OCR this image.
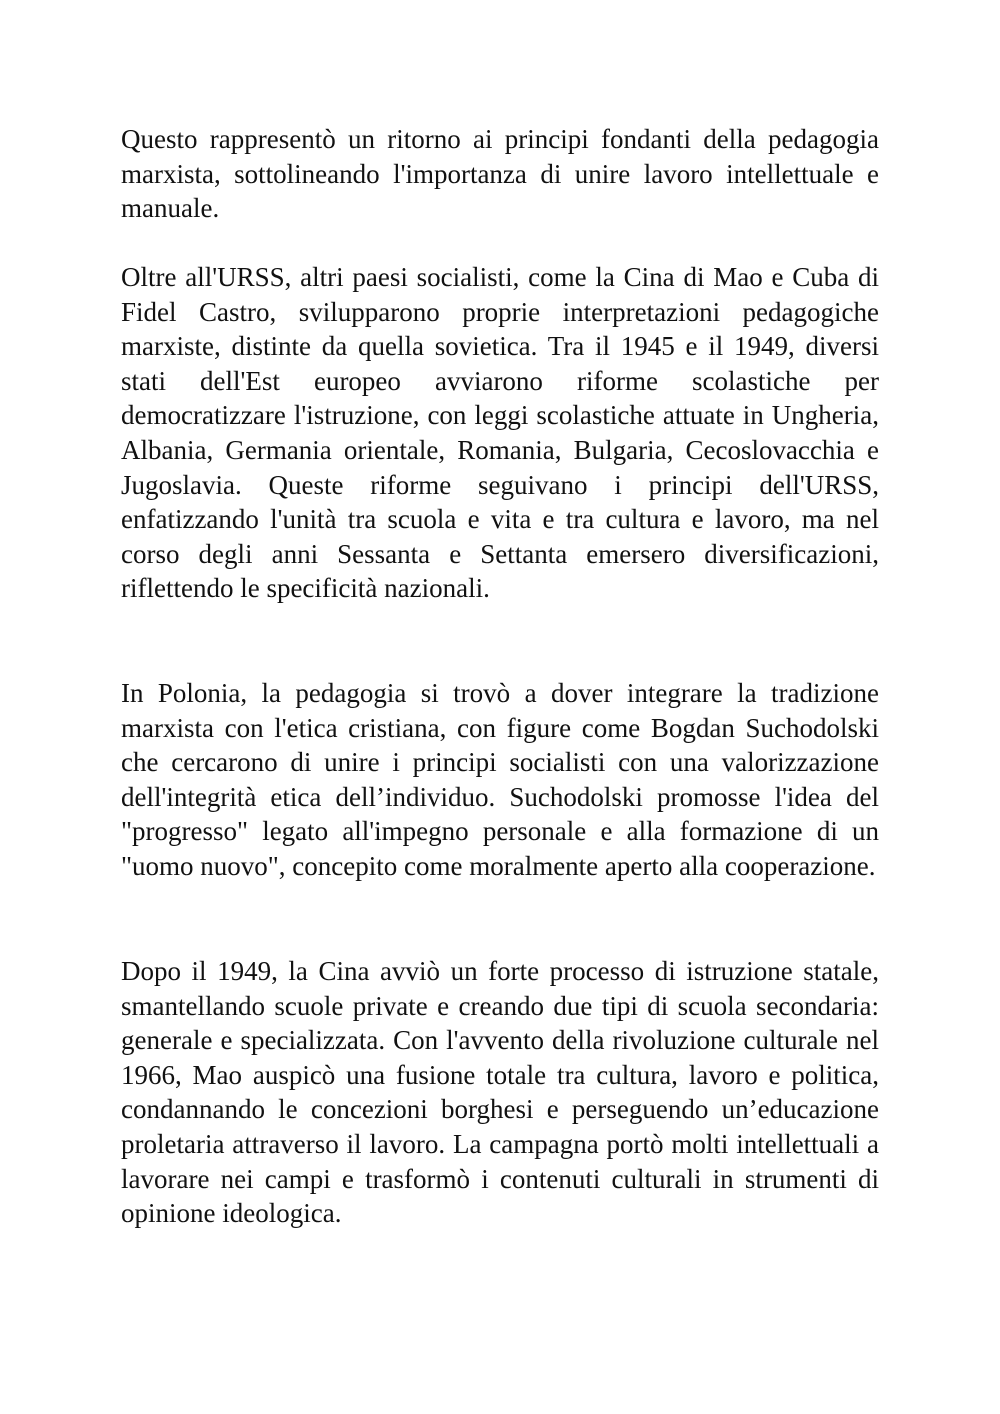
Questo rappresentò un ritorno ai principi fondanti della pedagogia marxista, sottolineando l'importanza di unire lavoro intellettuale e manuale.

Oltre all'URSS, altri paesi socialisti, come la Cina di Mao e Cuba di Fidel Castro, svilupparono proprie interpretazioni pedagogiche marxiste, distinte da quella sovietica. Tra il 1945 e il 1949, diversi stati dell'Est europeo avviarono riforme scolastiche per democratizzare l'istruzione, con leggi scolastiche attuate in Ungheria, Albania, Germania orientale, Romania, Bulgaria, Cecoslovacchia e Jugoslavia. Queste riforme seguivano i principi dell'URSS, enfatizzando l'unità tra scuola e vita e tra cultura e lavoro, ma nel corso degli anni Sessanta e Settanta emersero diversificazioni, riflettendo le specificità nazionali.

In Polonia, la pedagogia si trovò a dover integrare la tradizione marxista con l'etica cristiana, con figure come Bogdan Suchodolski che cercarono di unire i principi socialisti con una valorizzazione dell'integrità etica dell’individuo. Suchodolski promosse l'idea del "progresso" legato all'impegno personale e alla formazione di un "uomo nuovo", concepito come moralmente aperto alla cooperazione.

Dopo il 1949, la Cina avviò un forte processo di istruzione statale, smantellando scuole private e creando due tipi di scuola secondaria: generale e specializzata. Con l'avvento della rivoluzione culturale nel 1966, Mao auspicò una fusione totale tra cultura, lavoro e politica, condannando le concezioni borghesi e perseguendo un’educazione proletaria attraverso il lavoro. La campagna portò molti intellettuali a lavorare nei campi e trasformò i contenuti culturali in strumenti di opinione ideologica.
